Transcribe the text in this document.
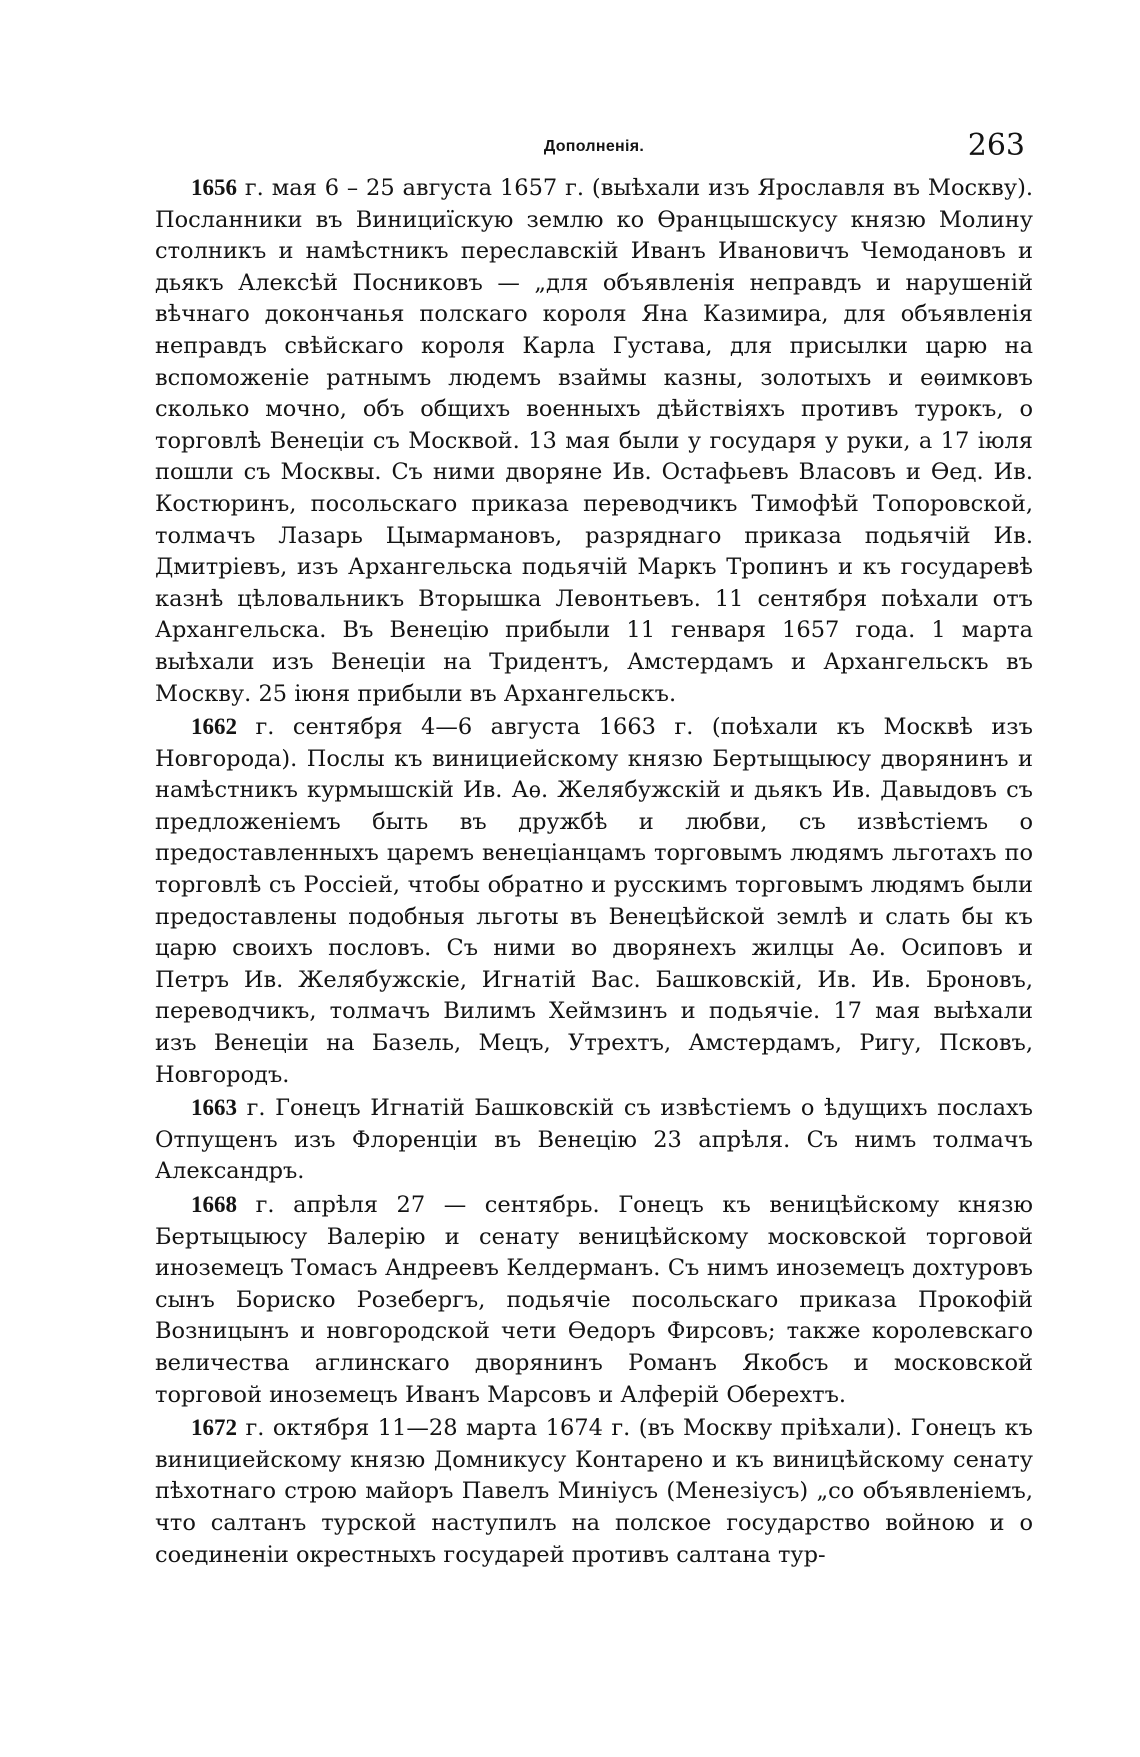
Дополненія.	263

1656 г. мая 6 – 25 августа 1657 г. (выѣхали изъ Ярославля въ Москву). Посланники въ Винициїскую землю ко Ѳранцышскусу князю Молину столникъ и намѣстникъ переславскій Иванъ Ивановичъ Чемодановъ и дьякъ Алексѣй Посниковъ — „для объявленія неправдъ и нарушеній вѣчнаго докончанья полскаго короля Яна Казимира, для объявленія неправдъ свѣйскаго короля Карла Густава, для присылки царю на вспоможеніе ратнымъ людемъ взаймы казны, золотыхъ и еѳимковъ сколько мочно, объ общихъ военныхъ дѣйствіяхъ противъ турокъ, о торговлѣ Венеціи съ Москвой. 13 мая были у государя у руки, а 17 іюля пошли съ Москвы. Съ ними дворяне Ив. Остафьевъ Власовъ и Ѳед. Ив. Костюринъ, посольскаго приказа переводчикъ Тимофѣй Топоровской, толмачъ Лазарь Цымармановъ, разряднаго приказа подьячій Ив. Дмитріевъ, изъ Архангельска подьячій Маркъ Тропинъ и къ государевѣ казнѣ цѣловальникъ Вторышка Левонтьевъ. 11 сентября поѣхали отъ Архангельска. Въ Венецію прибыли 11 генваря 1657 года. 1 марта выѣхали изъ Венеціи на Тридентъ, Амстердамъ и Архангельскъ въ Москву. 25 іюня прибыли въ Архангельскъ.

1662 г. сентября 4—6 августа 1663 г. (поѣхали къ Москвѣ изъ Новгорода). Послы къ винициейскому князю Бертыщыюсу дворянинъ и намѣстникъ курмышскій Ив. Аѳ. Желябужскій и дьякъ Ив. Давыдовъ съ предложеніемъ быть въ дружбѣ и любви, съ извѣстіемъ о предоставленныхъ царемъ венеціанцамъ торговымъ людямъ льготахъ по торговлѣ съ Россіей, чтобы обратно и русскимъ торговымъ людямъ были предоставлены подобныя льготы въ Венецѣйской землѣ и слать бы къ царю своихъ пословъ. Съ ними во дворянехъ жилцы Аѳ. Осиповъ и Петръ Ив. Желябужскіе, Игнатій Вас. Башковскій, Ив. Ив. Броновъ, переводчикъ, толмачъ Вилимъ Хеймзинъ и подьячіе. 17 мая выѣхали изъ Венеціи на Базель, Мецъ, Утрехтъ, Амстердамъ, Ригу, Псковъ, Новгородъ.

1663 г. Гонецъ Игнатій Башковскій съ извѣстіемъ о ѣдущихъ послахъ Отпущенъ изъ Флоренціи въ Венецію 23 апрѣля. Съ нимъ толмачъ Александръ.

1668 г. апрѣля 27 — сентябрь. Гонецъ къ веницѣйскому князю Бертыцыюсу Валерію и сенату веницѣйскому московской торговой иноземецъ Томасъ Андреевъ Келдерманъ. Съ нимъ иноземецъ дохтуровъ сынъ Бориско Розебергъ, подьячіе посольскаго приказа Прокофій Возницынъ и новгородской чети Ѳедоръ Фирсовъ; также королевскаго величества аглинскаго дворянинъ Романъ Якобсъ и московской торговой иноземецъ Иванъ Марсовъ и Алферій Оберехтъ.

1672 г. октября 11—28 марта 1674 г. (въ Москву пріѣхали). Гонецъ къ винициейскому князю Домникусу Контарено и къ виницѣйскому сенату пѣхотнаго строю майоръ Павелъ Миніусъ (Менезіусъ) „со объявленіемъ, что салтанъ турской наступилъ на полское государство войною и о соединеніи окрестныхъ государей противъ салтана тур-
